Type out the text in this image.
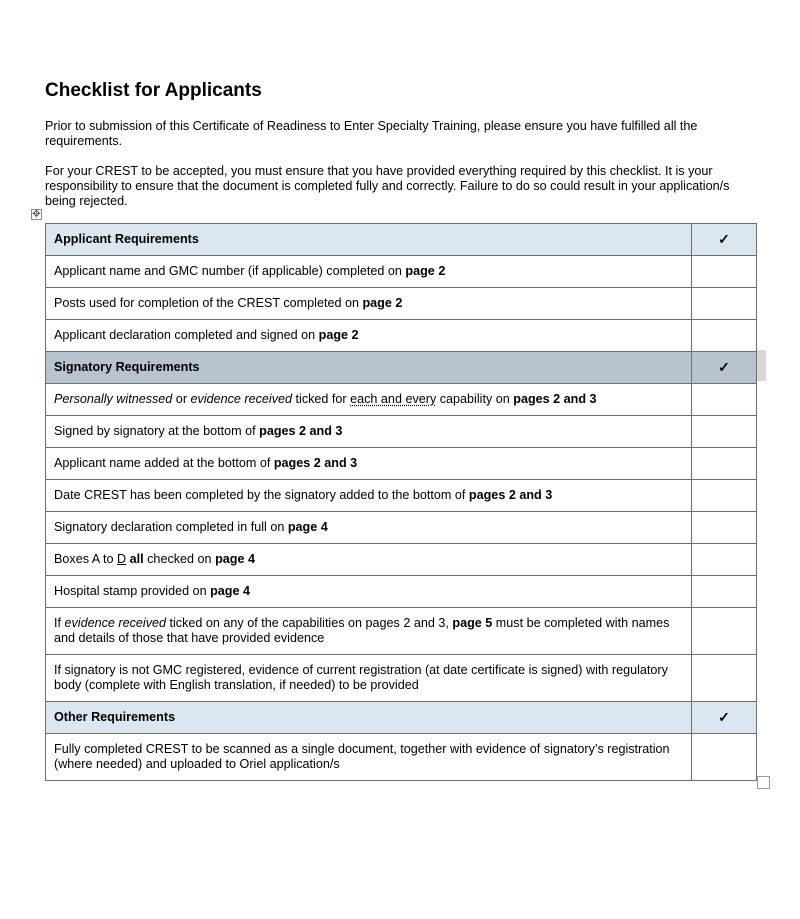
Checklist for Applicants

Prior to submission of this Certificate of Readiness to Enter Specialty Training, please ensure you have fulfilled all the requirements.

For your CREST to be accepted, you must ensure that you have provided everything required by this checklist. It is your responsibility to ensure that the document is completed fully and correctly. Failure to do so could result in your application/s being rejected.

✥
Applicant Requirements	✓
Applicant name and GMC number (if applicable) completed on page 2	
Posts used for completion of the CREST completed on page 2	
Applicant declaration completed and signed on page 2	
Signatory Requirements	✓
Personally witnessed or evidence received ticked for each and every capability on pages 2 and 3	
Signed by signatory at the bottom of pages 2 and 3	
Applicant name added at the bottom of pages 2 and 3	
Date CREST has been completed by the signatory added to the bottom of pages 2 and 3	
Signatory declaration completed in full on page 4	
Boxes A to D all checked on page 4	
Hospital stamp provided on page 4	
If evidence received ticked on any of the capabilities on pages 2 and 3, page 5 must be completed with names and details of those that have provided evidence	
If signatory is not GMC registered, evidence of current registration (at date certificate is signed) with regulatory body (complete with English translation, if needed) to be provided	
Other Requirements	✓
Fully completed CREST to be scanned as a single document, together with evidence of signatory’s registration (where needed) and uploaded to Oriel application/s	
